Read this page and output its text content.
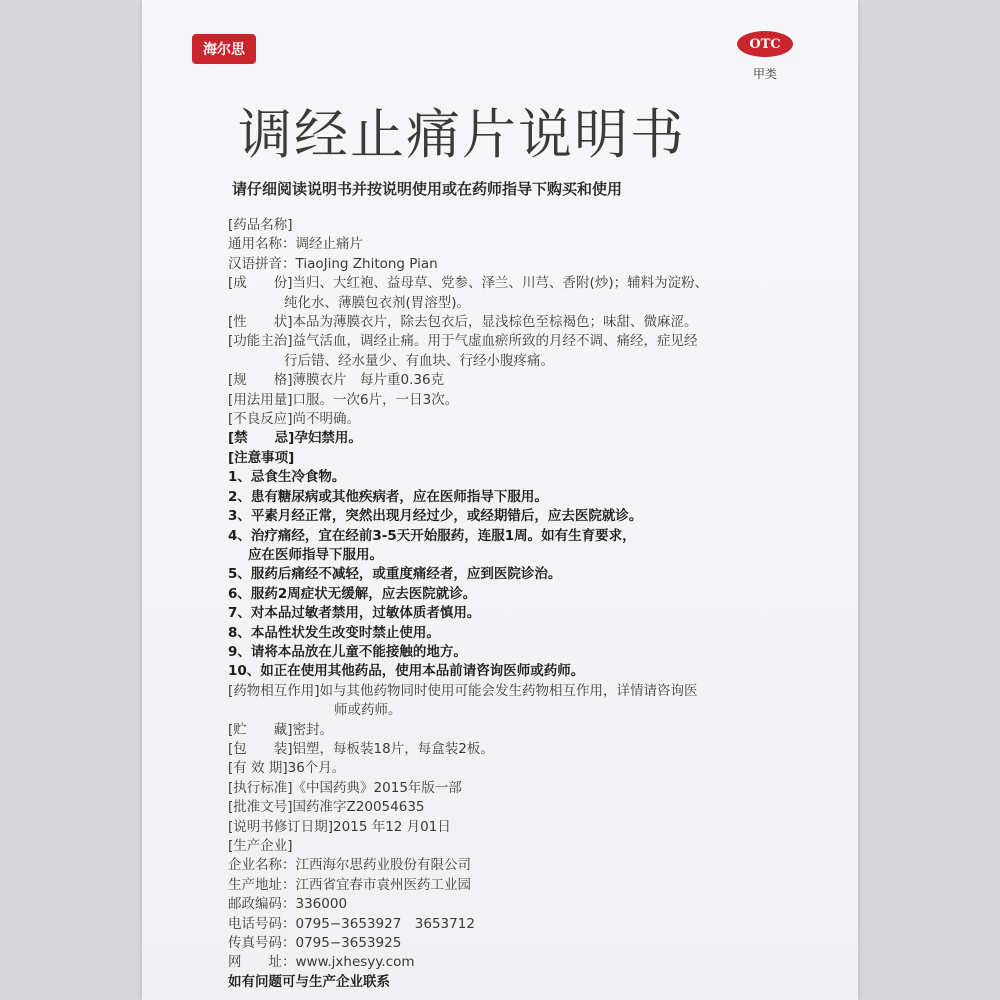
海尔思	OTC
甲类
调经止痛片说明书
请仔细阅读说明书并按说明使用或在药师指导下购买和使用
[药品名称]
通用名称： 调经止痛片
汉语拼音： TiaoJing Zhitong Pian
[成　　份] 当归、大红袍、益母草、党参、泽兰、川芎、香附(炒)；辅料为淀粉、
纯化水、薄膜包衣剂(胃溶型)。
[性　　状] 本品为薄膜衣片，除去包衣后，显浅棕色至棕褐色；味甜、微麻涩。
[功能主治] 益气活血，调经止痛。用于气虚血瘀所致的月经不调、痛经，症见经
行后错、经水量少、有血块、行经小腹疼痛。
[规　　格] 薄膜衣片　每片重0.36克
[用法用量] 口服。一次6片，一日3次。
[不良反应] 尚不明确。
[禁　　忌] 孕妇禁用。
[注意事项]
1、忌食生冷食物。
2、患有糖尿病或其他疾病者，应在医师指导下服用。
3、平素月经正常，突然出现月经过少，或经期错后，应去医院就诊。
4、治疗痛经，宜在经前3-5天开始服药，连服1周。如有生育要求，
应在医师指导下服用。
5、服药后痛经不减轻，或重度痛经者，应到医院诊治。
6、服药2周症状无缓解，应去医院就诊。
7、对本品过敏者禁用，过敏体质者慎用。
8、本品性状发生改变时禁止使用。
9、请将本品放在儿童不能接触的地方。
10、如正在使用其他药品，使用本品前请咨询医师或药师。
[药物相互作用] 如与其他药物同时使用可能会发生药物相互作用，详情请咨询医
师或药师。
[贮　　藏] 密封。
[包　　装] 铝塑，每板装18片，每盒装2板。
[有 效 期] 36个月。
[执行标准] 《中国药典》2015年版一部
[批准文号] 国药准字Z20054635
[说明书修订日期] 2015 年12 月01日
[生产企业]
企业名称： 江西海尔思药业股份有限公司
生产地址： 江西省宜春市袁州医药工业园
邮政编码： 336000
电话号码： 0795−3653927　3653712
传真号码： 0795−3653925
网　　址： www.jxhesyy.com
如有问题可与生产企业联系
